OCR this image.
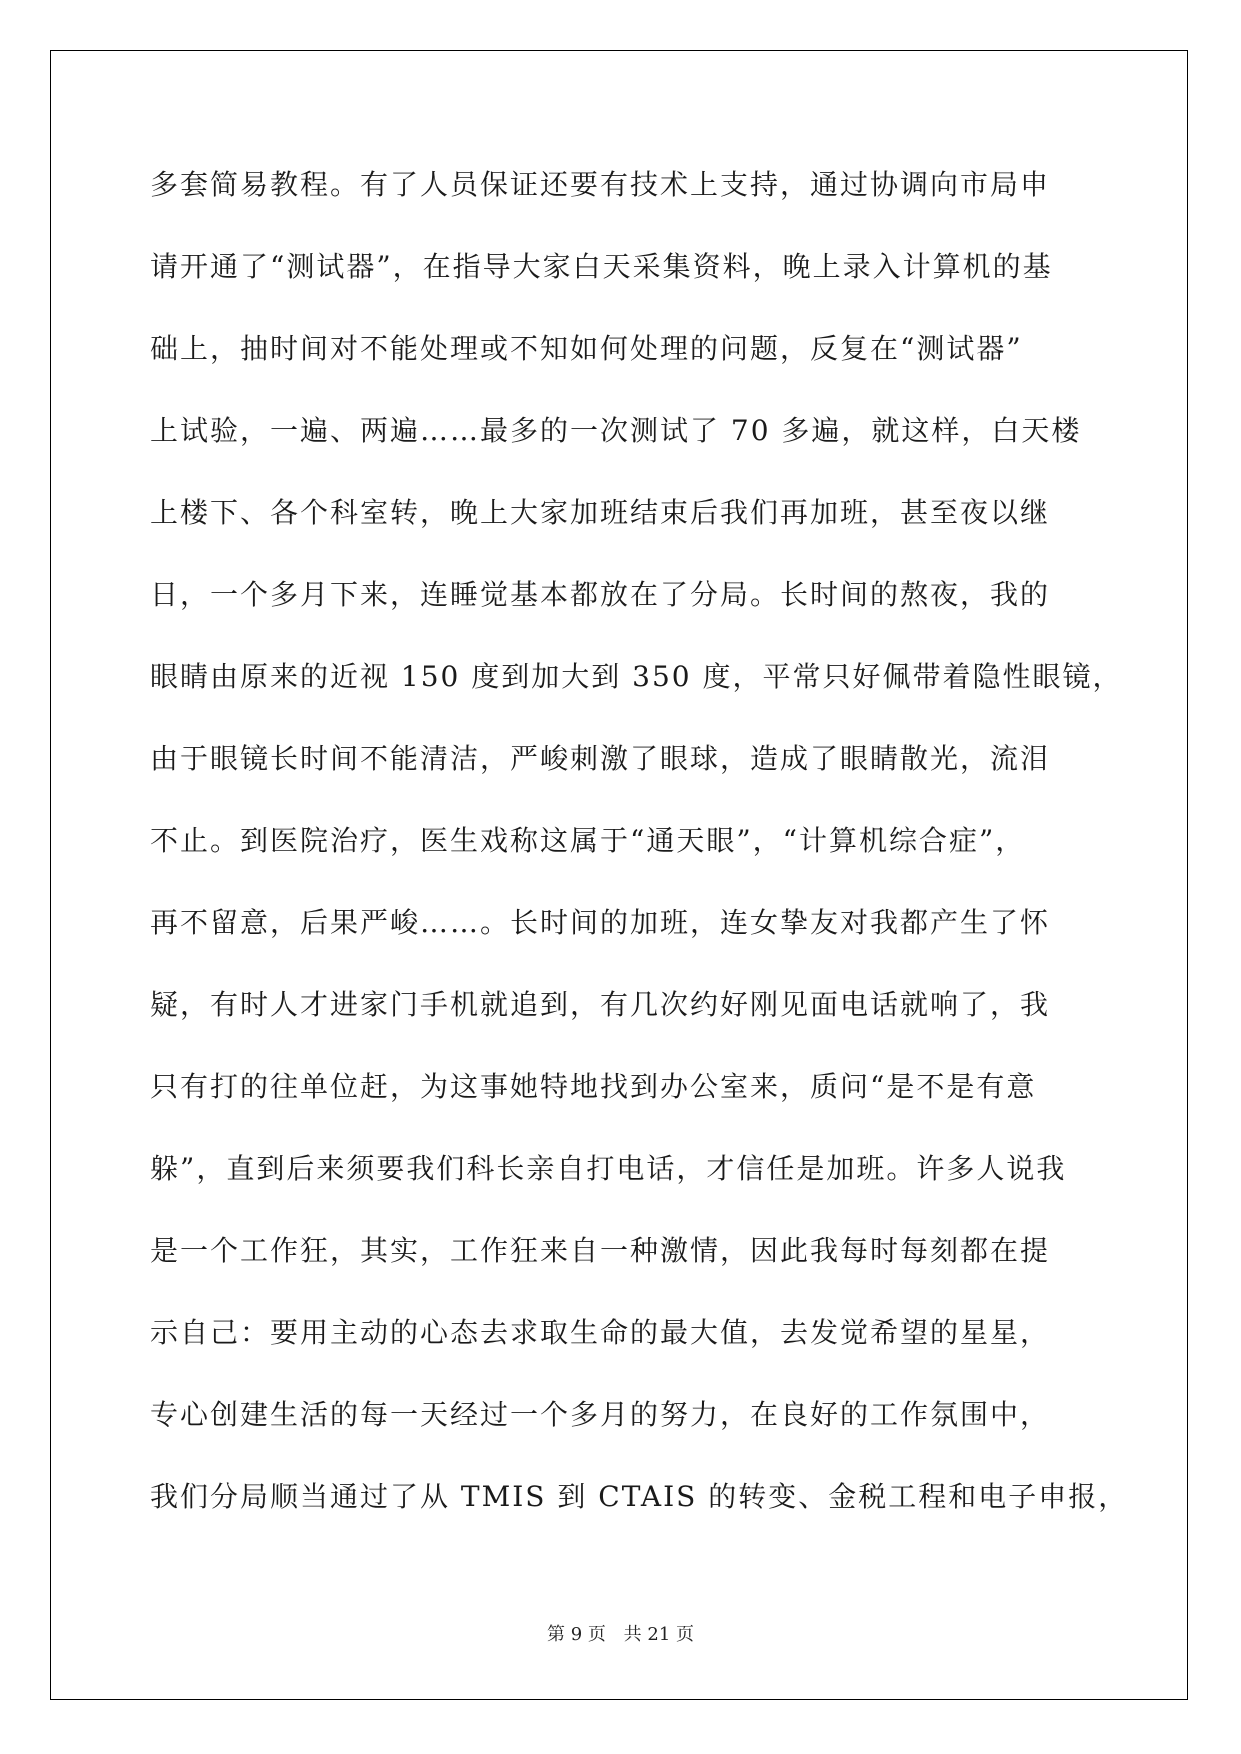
多套简易教程。有了人员保证还要有技术上支持，通过协调向市局申
请开通了“测试器”，在指导大家白天采集资料，晚上录入计算机的基
础上，抽时间对不能处理或不知如何处理的问题，反复在“测试器”
上试验，一遍、两遍……最多的一次测试了 70 多遍，就这样，白天楼
上楼下、各个科室转，晚上大家加班结束后我们再加班，甚至夜以继
日，一个多月下来，连睡觉基本都放在了分局。长时间的熬夜，我的
眼睛由原来的近视 150 度到加大到 350 度，平常只好佩带着隐性眼镜，
由于眼镜长时间不能清洁，严峻刺激了眼球，造成了眼睛散光，流泪
不止。到医院治疗，医生戏称这属于“通天眼”，“计算机综合症”，
再不留意，后果严峻……。长时间的加班，连女挚友对我都产生了怀
疑，有时人才进家门手机就追到，有几次约好刚见面电话就响了，我
只有打的往单位赶，为这事她特地找到办公室来，质问“是不是有意
躲”，直到后来须要我们科长亲自打电话，才信任是加班。许多人说我
是一个工作狂，其实，工作狂来自一种激情，因此我每时每刻都在提
示自己：要用主动的心态去求取生命的最大值，去发觉希望的星星，
专心创建生活的每一天经过一个多月的努力，在良好的工作氛围中，
我们分局顺当通过了从 TMIS 到 CTAIS 的转变、金税工程和电子申报，
第 9 页 共 21 页
